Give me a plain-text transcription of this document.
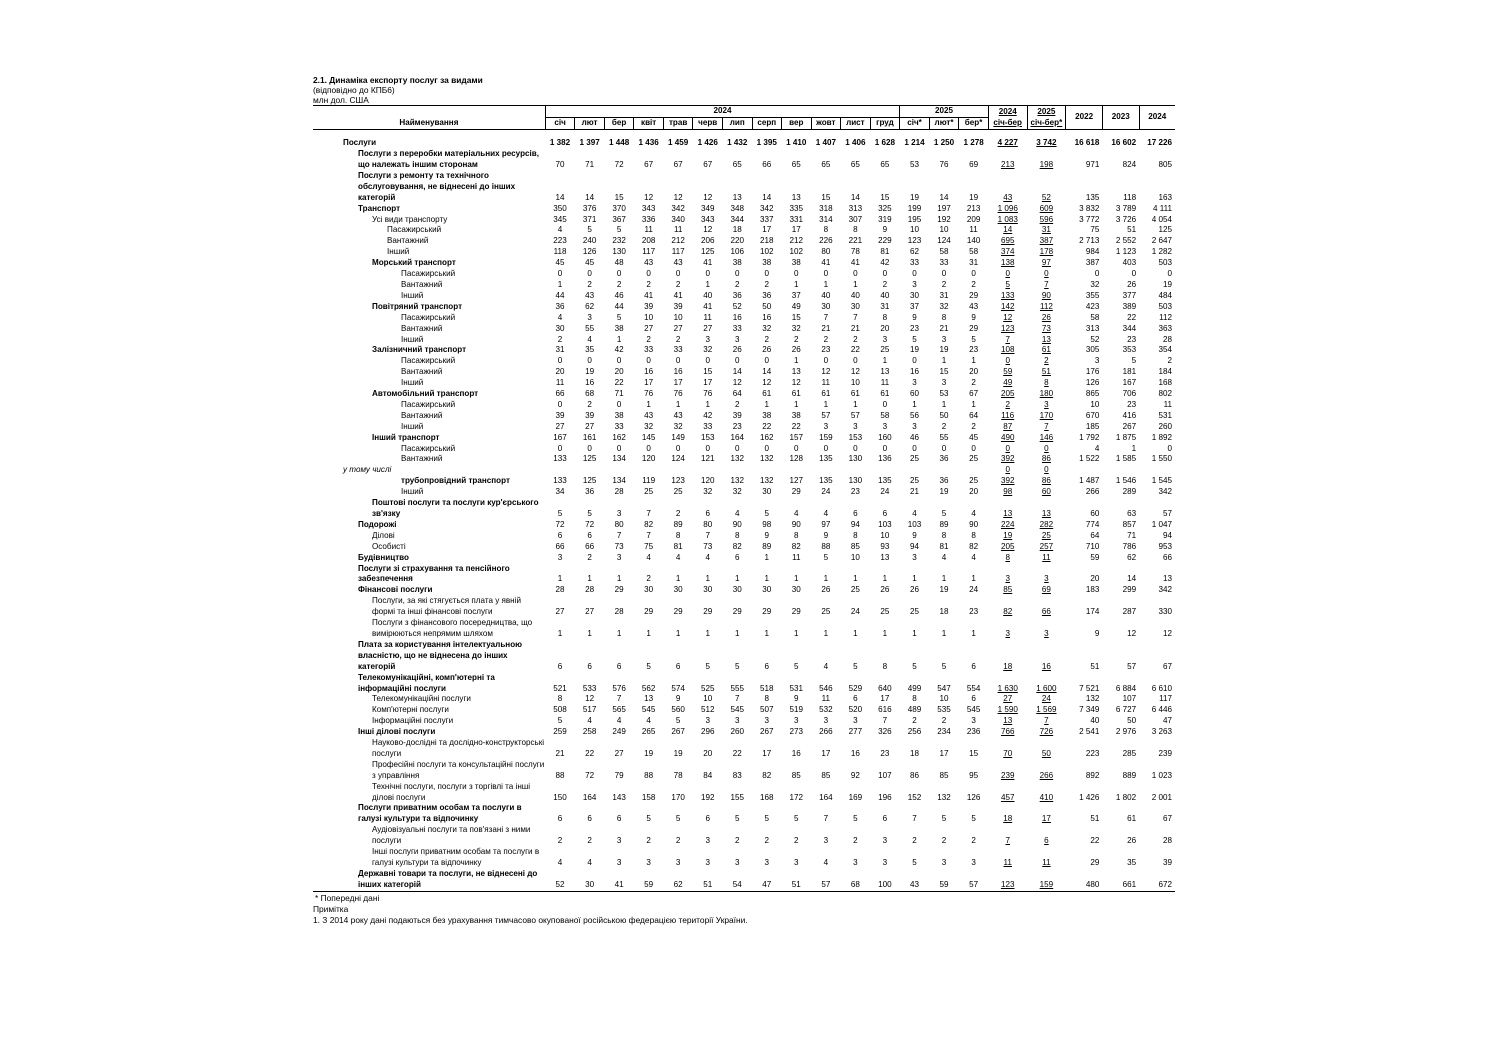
2.1. Динаміка експорту послуг за видами
(відповідно до КПБ6)
млн дол. США
Найменування	2024												2025			2024	2025	2022	2023	2024
	січ	лют	бер	квіт	трав	черв	лип	серп	вер	жовт	лист	груд	січ*	лют*	бер*	січ-бер	січ-бер*			

Послуги	1 382	1 397	1 448	1 436	1 459	1 426	1 432	1 395	1 410	1 407	1 406	1 628	1 214	1 250	1 278	4 227	3 742	16 618	16 602	17 226
Послуги з переробки матеріальних ресурсів, що належать іншим сторонам	70	71	72	67	67	67	65	66	65	65	65	65	53	76	69	213	198	971	824	805
Послуги з ремонту та технічного обслуговування, не віднесені до інших категорій	14	14	15	12	12	12	13	14	13	15	14	15	19	14	19	43	52	135	118	163
Транспорт	350	376	370	343	342	349	348	342	335	318	313	325	199	197	213	1 096	609	3 832	3 789	4 111
Усі види транспорту	345	371	367	336	340	343	344	337	331	314	307	319	195	192	209	1 083	596	3 772	3 726	4 054
Пасажирський	4	5	5	11	11	12	18	17	17	8	8	9	10	10	11	14	31	75	51	125
Вантажний	223	240	232	208	212	206	220	218	212	226	221	229	123	124	140	695	387	2 713	2 552	2 647
Інший	118	126	130	117	117	125	106	102	102	80	78	81	62	58	58	374	178	984	1 123	1 282
Морський транспорт	45	45	48	43	43	41	38	38	38	41	41	42	33	33	31	138	97	387	403	503
Пасажирський	0	0	0	0	0	0	0	0	0	0	0	0	0	0	0	0	0	0	0	0
Вантажний	1	2	2	2	2	1	2	2	1	1	1	2	3	2	2	5	7	32	26	19
Інший	44	43	46	41	41	40	36	36	37	40	40	40	30	31	29	133	90	355	377	484
Повітряний транспорт	36	62	44	39	39	41	52	50	49	30	30	31	37	32	43	142	112	423	389	503
Пасажирський	4	3	5	10	10	11	16	16	15	7	7	8	9	8	9	12	26	58	22	112
Вантажний	30	55	38	27	27	27	33	32	32	21	21	20	23	21	29	123	73	313	344	363
Інший	2	4	1	2	2	3	3	2	2	2	2	3	5	3	5	7	13	52	23	28
Залізничний транспорт	31	35	42	33	33	32	26	26	26	23	22	25	19	19	23	108	61	305	353	354
Пасажирський	0	0	0	0	0	0	0	0	1	0	0	1	0	1	1	0	2	3	5	2
Вантажний	20	19	20	16	16	15	14	14	13	12	12	13	16	15	20	59	51	176	181	184
Інший	11	16	22	17	17	17	12	12	12	11	10	11	3	3	2	49	8	126	167	168
Автомобільний транспорт	66	68	71	76	76	76	64	61	61	61	61	61	60	53	67	205	180	865	706	802
Пасажирський	0	2	0	1	1	1	2	1	1	1	1	0	1	1	1	2	3	10	23	11
Вантажний	39	39	38	43	43	42	39	38	38	57	57	58	56	50	64	116	170	670	416	531
Інший	27	27	33	32	32	33	23	22	22	3	3	3	3	2	2	87	7	185	267	260
Інший транспорт	167	161	162	145	149	153	164	162	157	159	153	160	46	55	45	490	146	1 792	1 875	1 892
Пасажирський	0	0	0	0	0	0	0	0	0	0	0	0	0	0	0	0	0	4	1	0
Вантажний	133	125	134	120	124	121	132	132	128	135	130	136	25	36	25	392	86	1 522	1 585	1 550
у тому числі																0	0			
трубопровідний транспорт	133	125	134	119	123	120	132	132	127	135	130	135	25	36	25	392	86	1 487	1 546	1 545
Інший	34	36	28	25	25	32	32	30	29	24	23	24	21	19	20	98	60	266	289	342
Поштові послуги та послуги кур'єрського зв'язку	5	5	3	7	2	6	4	5	4	4	6	6	4	5	4	13	13	60	63	57
Подорожі	72	72	80	82	89	80	90	98	90	97	94	103	103	89	90	224	282	774	857	1 047
Ділові	6	6	7	7	8	7	8	9	8	9	8	10	9	8	8	19	25	64	71	94
Особисті	66	66	73	75	81	73	82	89	82	88	85	93	94	81	82	205	257	710	786	953
Будівництво	3	2	3	4	4	4	6	1	11	5	10	13	3	4	4	8	11	59	62	66
Послуги зі страхування та пенсійного забезпечення	1	1	1	2	1	1	1	1	1	1	1	1	1	1	1	3	3	20	14	13
Фінансові послуги	28	28	29	30	30	30	30	30	30	26	25	26	26	19	24	85	69	183	299	342
Послуги, за які стягується плата у явній формі та інші фінансові послуги	27	27	28	29	29	29	29	29	29	25	24	25	25	18	23	82	66	174	287	330
Послуги з фінансового посередництва, що вимірюються непрямим шляхом	1	1	1	1	1	1	1	1	1	1	1	1	1	1	1	3	3	9	12	12
Плата за користування інтелектуальною власністю, що не віднесена до інших категорій	6	6	6	5	6	5	5	6	5	4	5	8	5	5	6	18	16	51	57	67
Телекомунікаційні, комп'ютерні та інформаційні послуги	521	533	576	562	574	525	555	518	531	546	529	640	499	547	554	1 630	1 600	7 521	6 884	6 610
Телекомунікаційні послуги	8	12	7	13	9	10	7	8	9	11	6	17	8	10	6	27	24	132	107	117
Комп'ютерні послуги	508	517	565	545	560	512	545	507	519	532	520	616	489	535	545	1 590	1 569	7 349	6 727	6 446
Інформаційні послуги	5	4	4	4	5	3	3	3	3	3	3	7	2	2	3	13	7	40	50	47
Інші ділові послуги	259	258	249	265	267	296	260	267	273	266	277	326	256	234	236	766	726	2 541	2 976	3 263
Науково-дослідні та дослідно-конструкторські послуги	21	22	27	19	19	20	22	17	16	17	16	23	18	17	15	70	50	223	285	239
Професійні послуги та консультаційні послуги з управління	88	72	79	88	78	84	83	82	85	85	92	107	86	85	95	239	266	892	889	1 023
Технічні послуги, послуги з торгівлі та інші ділові послуги	150	164	143	158	170	192	155	168	172	164	169	196	152	132	126	457	410	1 426	1 802	2 001
Послуги приватним особам та послуги в галузі культури та відпочинку	6	6	6	5	5	6	5	5	5	7	5	6	7	5	5	18	17	51	61	67
Аудіовізуальні послуги та пов'язані з ними послуги	2	2	3	2	2	3	2	2	2	3	2	3	2	2	2	7	6	22	26	28
Інші послуги приватним особам та послуги в галузі культури та відпочинку	4	4	3	3	3	3	3	3	3	4	3	3	5	3	3	11	11	29	35	39
Державні товари та послуги, не віднесені до інших категорій	52	30	41	59	62	51	54	47	51	57	68	100	43	59	57	123	159	480	661	672
* Попередні дані
Примітка
1. З 2014 року дані подаються без урахування тимчасово окупованої російською федерацією території України.
